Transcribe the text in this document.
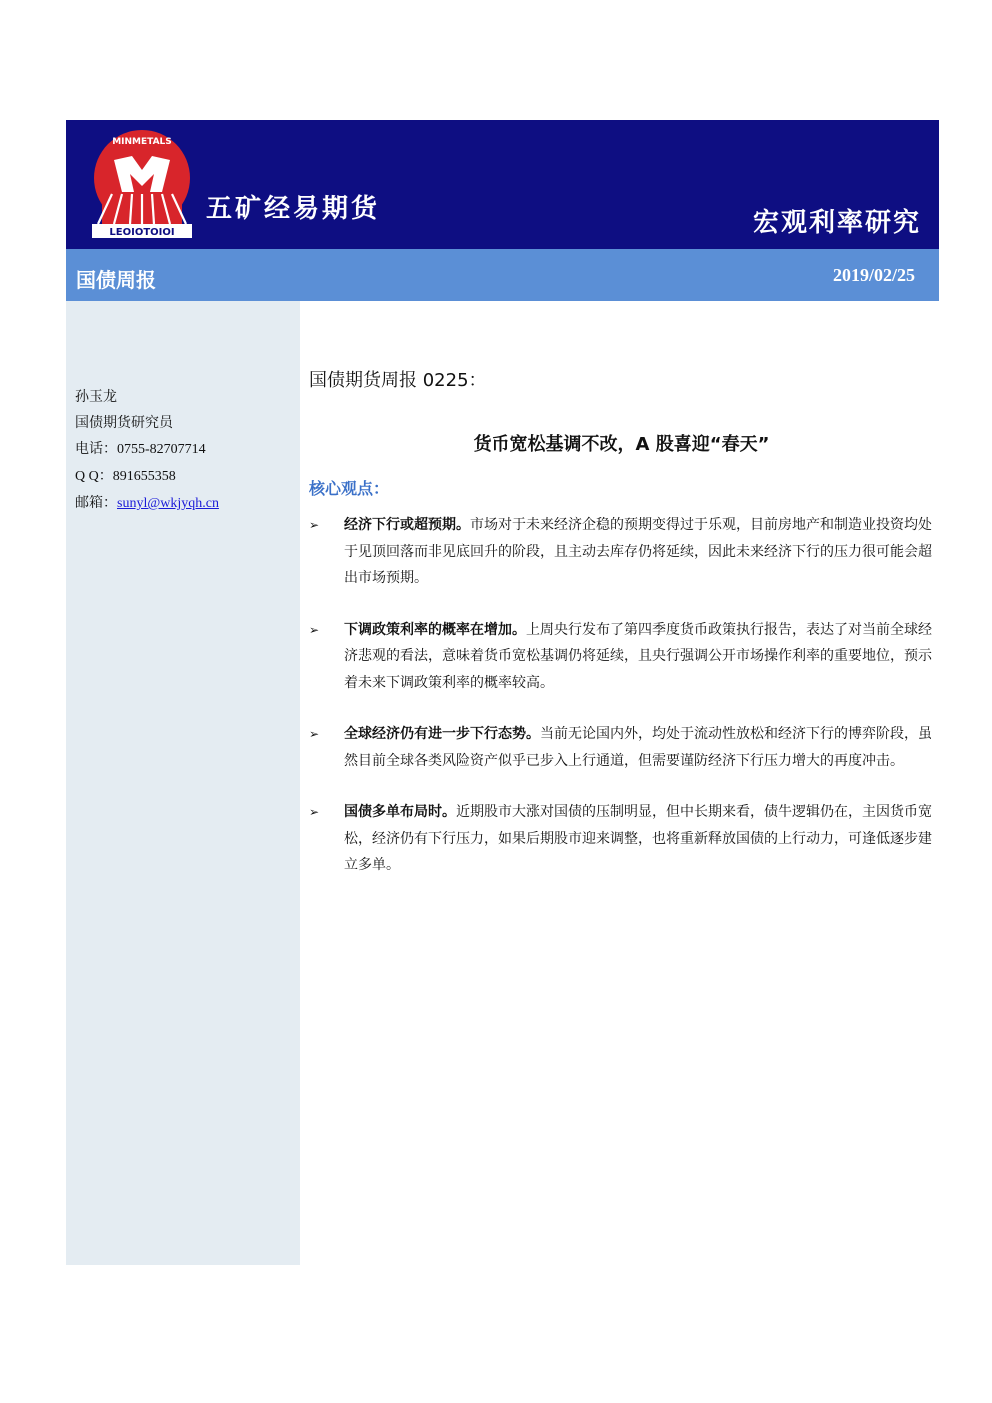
LEOIOTOIOI
MINMETALS
五矿经易期货	宏观利率研究
国债周报	2019/02/25
孙玉龙
国债期货研究员
电话：0755-82707714
Q Q：891655358
邮箱：sunyl@wkjyqh.cn
国债期货周报 0225：
货币宽松基调不改，A 股喜迎“春天”
核心观点：
➢ 经济下行或超预期。市场对于未来经济企稳的预期变得过于乐观，目前房地产和制造业投资均处于见顶回落而非见底回升的阶段，且主动去库存仍将延续，因此未来经济下行的压力很可能会超出市场预期。
➢ 下调政策利率的概率在增加。上周央行发布了第四季度货币政策执行报告，表达了对当前全球经济悲观的看法，意味着货币宽松基调仍将延续，且央行强调公开市场操作利率的重要地位，预示着未来下调政策利率的概率较高。
➢ 全球经济仍有进一步下行态势。当前无论国内外，均处于流动性放松和经济下行的博弈阶段，虽然目前全球各类风险资产似乎已步入上行通道，但需要谨防经济下行压力增大的再度冲击。
➢ 国债多单布局时。近期股市大涨对国债的压制明显，但中长期来看，债牛逻辑仍在，主因货币宽松，经济仍有下行压力，如果后期股市迎来调整，也将重新释放国债的上行动力，可逢低逐步建立多单。
